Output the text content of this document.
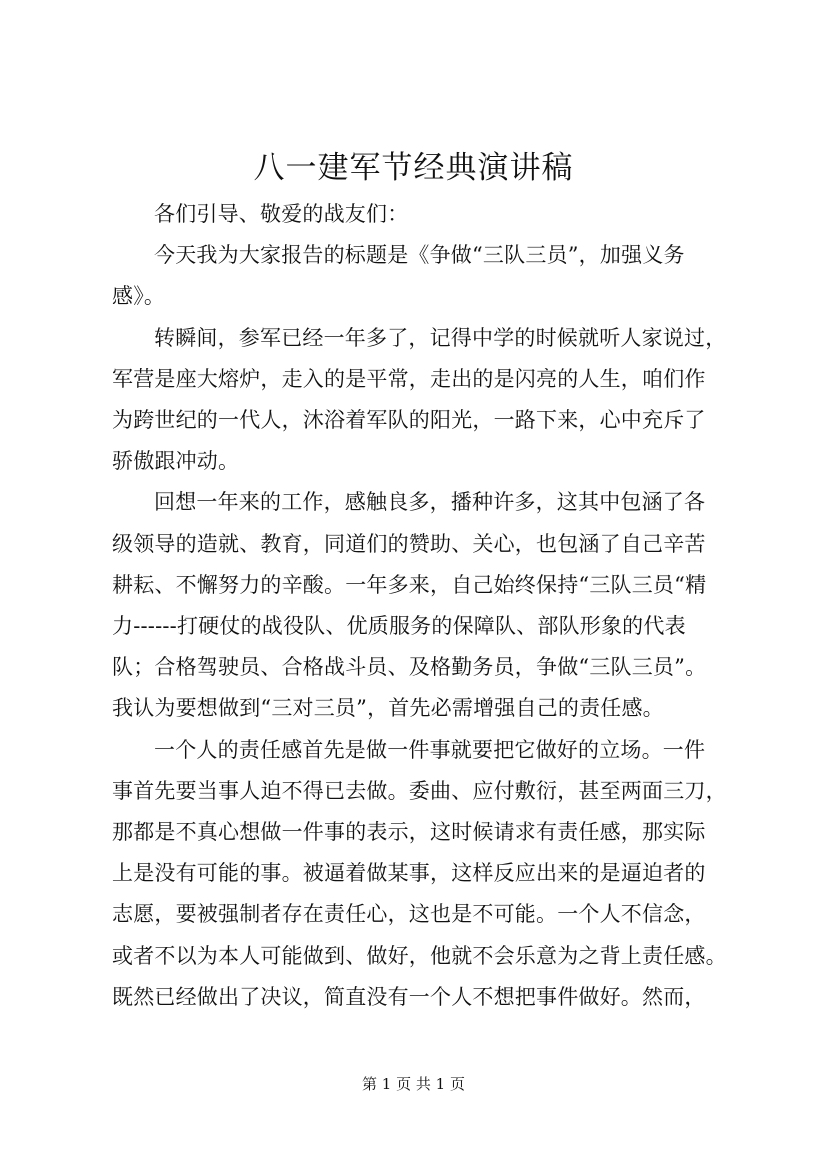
八一建军节经典演讲稿

各们引导、敬爱的战友们：

今天我为大家报告的标题是《争做“三队三员”，加强义务
感》。

转瞬间，参军已经一年多了，记得中学的时候就听人家说过，
军营是座大熔炉，走入的是平常，走出的是闪亮的人生，咱们作
为跨世纪的一代人，沐浴着军队的阳光，一路下来，心中充斥了
骄傲跟冲动。

回想一年来的工作，感触良多，播种许多，这其中包涵了各
级领导的造就、教育，同道们的赞助、关心，也包涵了自己辛苦
耕耘、不懈努力的辛酸。一年多来，自己始终保持“三队三员“精
力------打硬仗的战役队、优质服务的保障队、部队形象的代表
队；合格驾驶员、合格战斗员、及格勤务员，争做“三队三员”。
我认为要想做到“三对三员”，首先必需增强自己的责任感。

一个人的责任感首先是做一件事就要把它做好的立场。一件
事首先要当事人迫不得已去做。委曲、应付敷衍，甚至两面三刀，
那都是不真心想做一件事的表示，这时候请求有责任感，那实际
上是没有可能的事。被逼着做某事，这样反应出来的是逼迫者的
志愿，要被强制者存在责任心，这也是不可能。一个人不信念，
或者不以为本人可能做到、做好，他就不会乐意为之背上责任感。
既然已经做出了决议，简直没有一个人不想把事件做好。然而，

第 1 页 共 1 页
